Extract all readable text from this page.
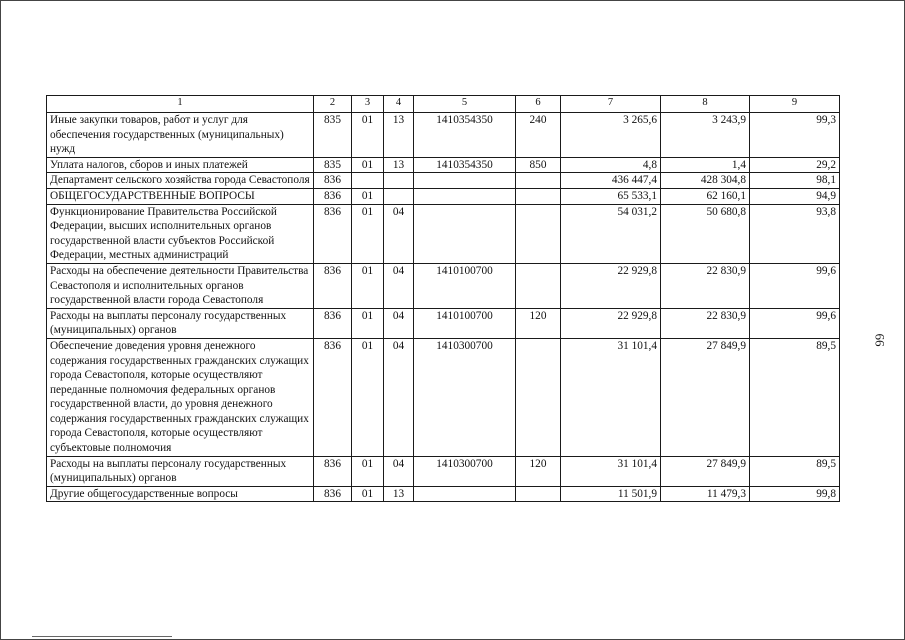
1	2	3	4	5	6	7	8	9
Иные закупки товаров, работ и услуг для обеспечения государственных (муниципальных) нужд	835	01	13	1410354350	240	3 265,6	3 243,9	99,3
Уплата налогов, сборов и иных платежей	835	01	13	1410354350	850	4,8	1,4	29,2
Департамент сельского хозяйства города Севастополя	836					436 447,4	428 304,8	98,1
ОБЩЕГОСУДАРСТВЕННЫЕ ВОПРОСЫ	836	01				65 533,1	62 160,1	94,9
Функционирование Правительства Российской Федерации, высших исполнительных органов государственной власти субъектов Российской Федерации, местных администраций	836	01	04			54 031,2	50 680,8	93,8
Расходы на обеспечение деятельности Правительства Севастополя и исполнительных органов государственной власти города Севастополя	836	01	04	1410100700		22 929,8	22 830,9	99,6
Расходы на выплаты персоналу государственных (муниципальных) органов	836	01	04	1410100700	120	22 929,8	22 830,9	99,6
Обеспечение доведения уровня денежного содержания государственных гражданских служащих города Севастополя, которые осуществляют переданные полномочия федеральных органов государственной власти, до уровня денежного содержания государственных гражданских служащих города Севастополя, которые осуществляют субъектовые полномочия	836	01	04	1410300700		31 101,4	27 849,9	89,5
Расходы на выплаты персоналу государственных (муниципальных) органов	836	01	04	1410300700	120	31 101,4	27 849,9	89,5
Другие общегосударственные вопросы	836	01	13			11 501,9	11 479,3	99,8
66
